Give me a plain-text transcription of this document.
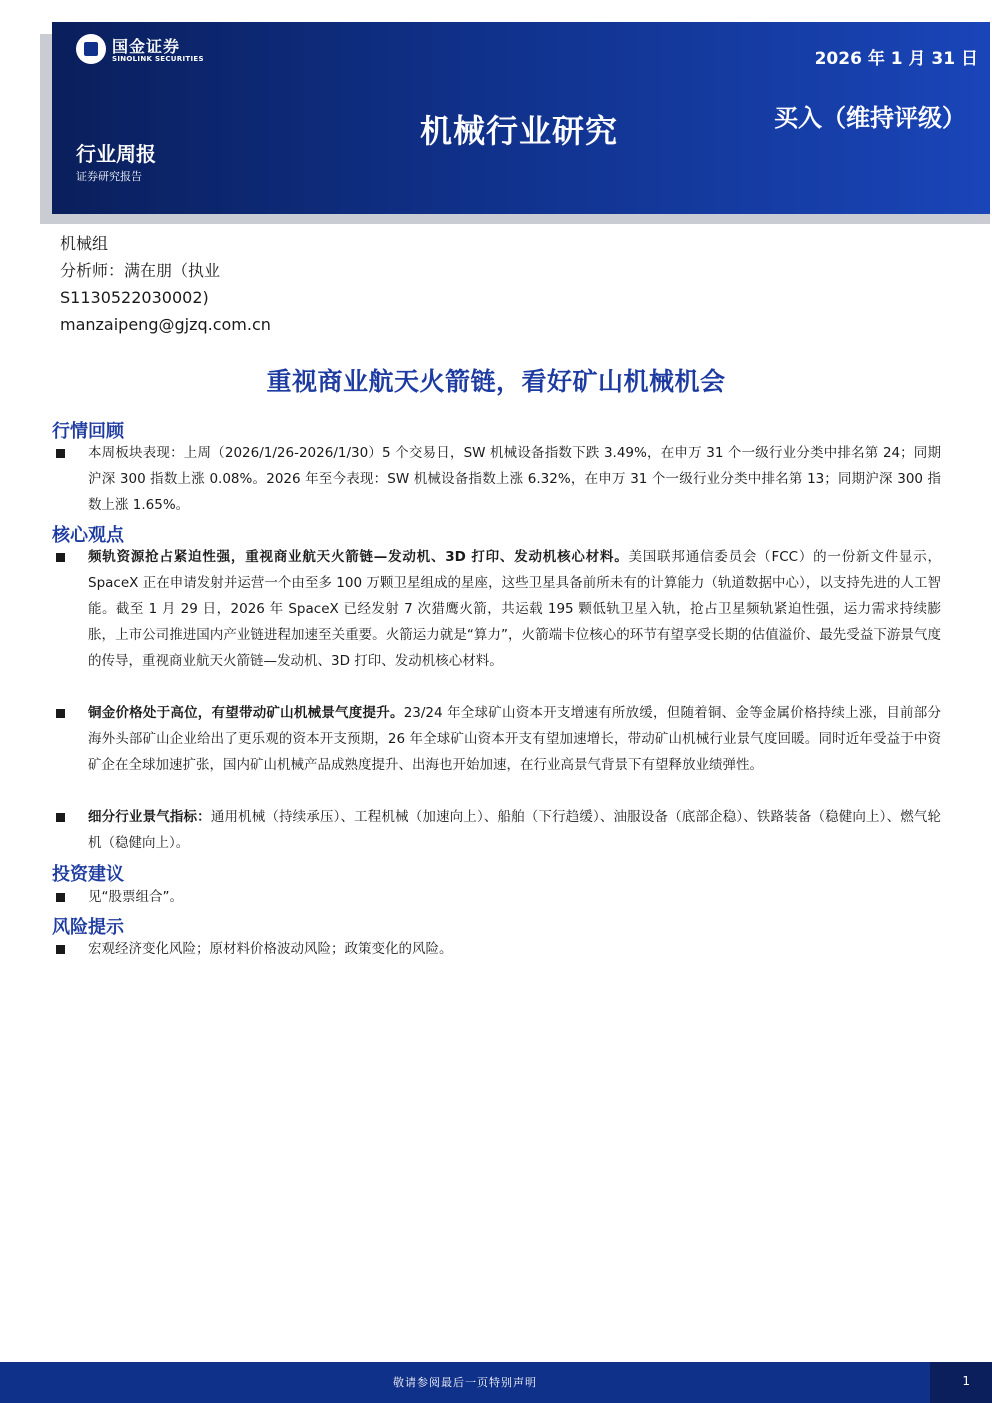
国金证券
SINOLINK SECURITIES	2026 年 1 月 31 日
机械行业研究	买入（维持评级）
行业周报
证券研究报告
机械组
分析师：满在朋（执业
S1130522030002)
manzaipeng@gjzq.com.cn
重视商业航天火箭链，看好矿山机械机会
行情回顾
本周板块表现：上周（2026/1/26-2026/1/30）5 个交易日，SW 机械设备指数下跌 3.49%，在申万 31 个一级行业分类中排名第 24；同期沪深 300 指数上涨 0.08%。2026 年至今表现：SW 机械设备指数上涨 6.32%，在申万 31 个一级行业分类中排名第 13；同期沪深 300 指数上涨 1.65%。
核心观点
频轨资源抢占紧迫性强，重视商业航天火箭链—发动机、3D 打印、发动机核心材料。美国联邦通信委员会（FCC）的一份新文件显示，SpaceX 正在申请发射并运营一个由至多 100 万颗卫星组成的星座，这些卫星具备前所未有的计算能力（轨道数据中心），以支持先进的人工智能。截至 1 月 29 日，2026 年 SpaceX 已经发射 7 次猎鹰火箭，共运载 195 颗低轨卫星入轨，抢占卫星频轨紧迫性强，运力需求持续膨胀，上市公司推进国内产业链进程加速至关重要。火箭运力就是“算力”，火箭端卡位核心的环节有望享受长期的估值溢价、最先受益下游景气度的传导，重视商业航天火箭链—发动机、3D 打印、发动机核心材料。
铜金价格处于高位，有望带动矿山机械景气度提升。23/24 年全球矿山资本开支增速有所放缓，但随着铜、金等金属价格持续上涨，目前部分海外头部矿山企业给出了更乐观的资本开支预期，26 年全球矿山资本开支有望加速增长，带动矿山机械行业景气度回暖。同时近年受益于中资矿企在全球加速扩张，国内矿山机械产品成熟度提升、出海也开始加速，在行业高景气背景下有望释放业绩弹性。
细分行业景气指标：通用机械（持续承压）、工程机械（加速向上）、船舶（下行趋缓）、油服设备（底部企稳）、铁路装备（稳健向上）、燃气轮机（稳健向上）。
投资建议
见“股票组合”。
风险提示
宏观经济变化风险；原材料价格波动风险；政策变化的风险。
敬请参阅最后一页特别声明	1
